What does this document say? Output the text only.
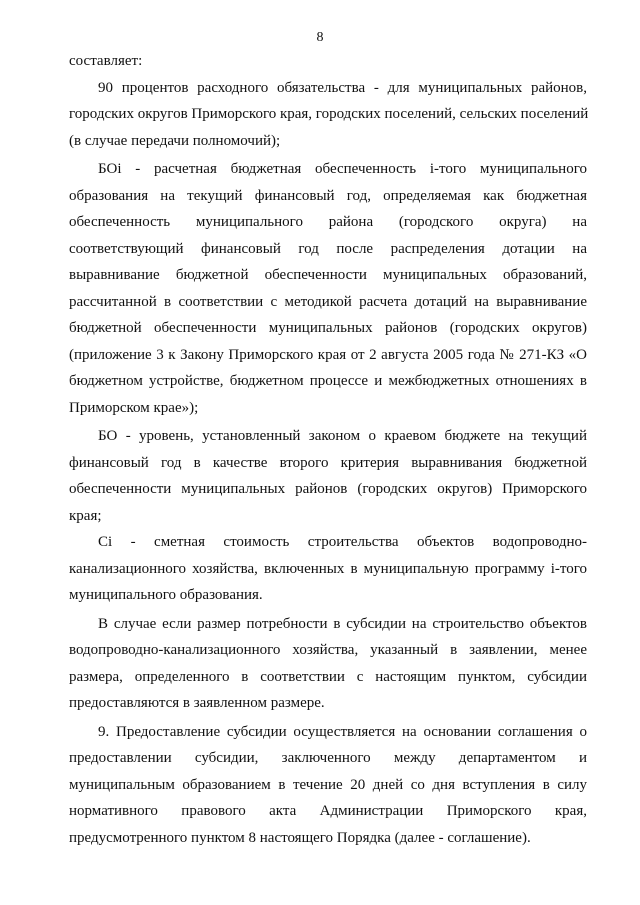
8
составляет:
90 процентов расходного обязательства - для муниципальных районов,
городских округов Приморского края, городских поселений, сельских поселений
(в случае передачи полномочий);
БОi - расчетная бюджетная обеспеченность i-того муниципального
образования на текущий финансовый год, определяемая как бюджетная
обеспеченность муниципального района (городского округа) на
соответствующий финансовый год после распределения дотации на
выравнивание бюджетной обеспеченности муниципальных образований,
рассчитанной в соответствии с методикой расчета дотаций на выравнивание
бюджетной обеспеченности муниципальных районов (городских округов)
(приложение 3 к Закону Приморского края от 2 августа 2005 года № 271-КЗ «О
бюджетном устройстве, бюджетном процессе и межбюджетных отношениях в
Приморском крае»);
БО - уровень, установленный законом о краевом бюджете на текущий
финансовый год в качестве второго критерия выравнивания бюджетной
обеспеченности муниципальных районов (городских округов) Приморского
края;
Ci - сметная стоимость строительства объектов водопроводно-
канализационного хозяйства, включенных в муниципальную программу i-того
муниципального образования.
В случае если размер потребности в субсидии на строительство объектов
водопроводно-канализационного хозяйства, указанный в заявлении, менее
размера, определенного в соответствии с настоящим пунктом, субсидии
предоставляются в заявленном размере.
9. Предоставление субсидии осуществляется на основании соглашения о
предоставлении субсидии, заключенного между департаментом и
муниципальным образованием в течение 20 дней со дня вступления в силу
нормативного правового акта Администрации Приморского края,
предусмотренного пунктом 8 настоящего Порядка (далее - соглашение).
